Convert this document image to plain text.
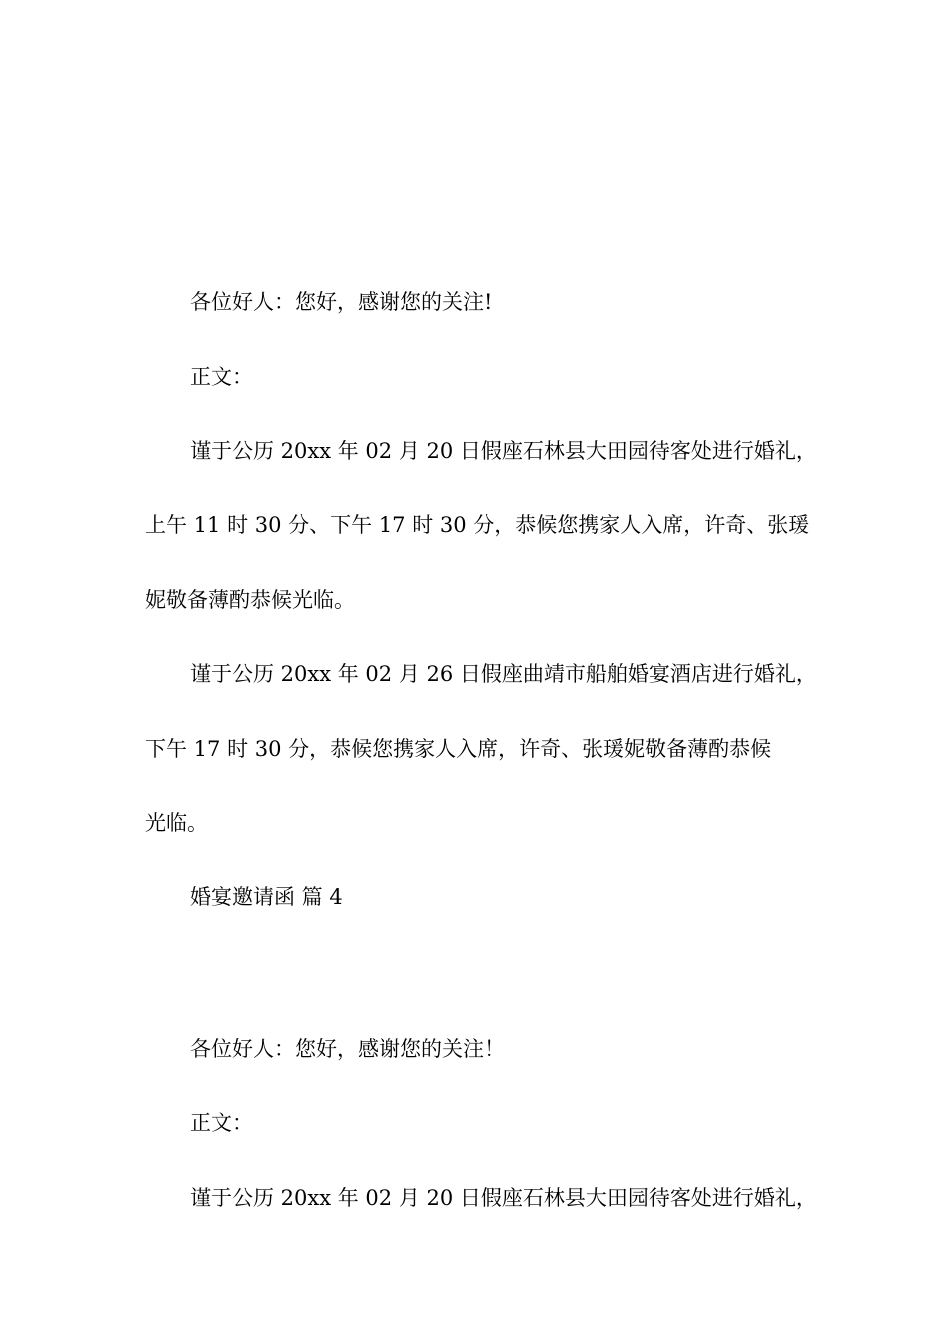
各位好人：您好，感谢您的关注!
正文：
谨于公历 20xx 年 02 月 20 日假座石林县大田园待客处进行婚礼，
上午 11 时 30 分、下午 17 时 30 分，恭候您携家人入席，许奇、张瑗
妮敬备薄酌恭候光临。
谨于公历 20xx 年 02 月 26 日假座曲靖市船舶婚宴酒店进行婚礼，
下午 17 时 30 分，恭候您携家人入席，许奇、张瑗妮敬备薄酌恭候
光临。
婚宴邀请函 篇 4
各位好人：您好，感谢您的关注！
正文：
谨于公历 20xx 年 02 月 20 日假座石林县大田园待客处进行婚礼，
